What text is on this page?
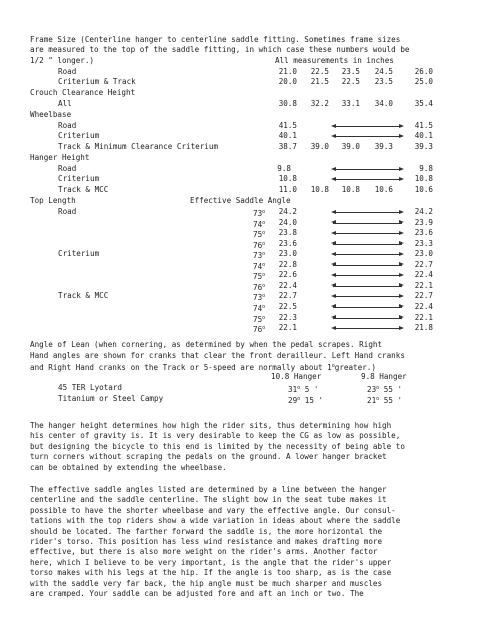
Frame Size (Centerline hanger to centerline saddle fitting. Sometimes frame sizes
are measured to the top of the saddle fitting, in which case these numbers would be
1/2 " longer.)	All measurements in inches
Road	21.0	22.5	23.5	24.5	26.0
Criterium & Track	20.0	21.5	22.5	23.5	25.0
Crouch Clearance Height
All	30.8	32.2	33.1	34.0	35.4
Wheelbase
Road	41.5	41.5
Criterium	40.1	40.1
Track & Minimum Clearance Criterium	38.7	39.0	39.0	39.3	39.3
Hanger Height
Road	9.8	9.8
Criterium	10.8	10.8
Track & MCC	11.0	10.8	10.8	10.6	10.6
Top Length	Effective Saddle Angle
Road	73$^o$	24.2	24.2
74$^o$	24.0	23.9
75$^o$	23.8	23.6
76$^o$	23.6	23.3
Criterium	73$^o$	23.0	23.0
74$^o$	22.8	22.7
75$^o$	22.6	22.4
76$^o$	22.4	22.1
Track & MCC	73$^o$	22.7	22.7
74$^o$	22.5	22.4
75$^o$	22.3	22.1
76$^o$	22.1	21.8
Angle of Lean (when cornering, as determined by when the pedal scrapes. Right
Hand angles are shown for cranks that clear the front derailleur. Left Hand cranks
and Right Hand cranks on the Track or 5-speed are normally about 1$^o$greater.)
10.8 Hanger	9.8 Hanger
45 TER Lyotard	31$^o$ 5 '	23$^o$ 55 '
Titanium or Steel Campy	29$^o$ 15 '	21$^o$ 55 '
The hanger height determines how high the rider sits, thus determining how high
his center of gravity is. It is very desirable to keep the CG as low as possible,
but designing the bicycle to this end is limited by the necessity of being able to
turn corners without scraping the pedals on the ground. A lower hanger bracket
can be obtained by extending the wheelbase.
The effective saddle angles listed are determined by a line between the hanger
centerline and the saddle centerline. The slight bow in the seat tube makes it
possible to have the shorter wheelbase and vary the effective angle. Our consul-
tations with the top riders show a wide variation in ideas about where the saddle
should be located. The farther forward the saddle is, the more horizontal the
rider's torso. This position has less wind resistance and makes drafting more
effective, but there is also more weight on the rider's arms. Another factor
here, which I believe to be very important, is the angle that the rider's upper
torso makes with his legs at the hip. If the angle is too sharp, as is the case
with the saddle very far back, the hip angle must be much sharper and muscles
are cramped. Your saddle can be adjusted fore and aft an inch or two. The
